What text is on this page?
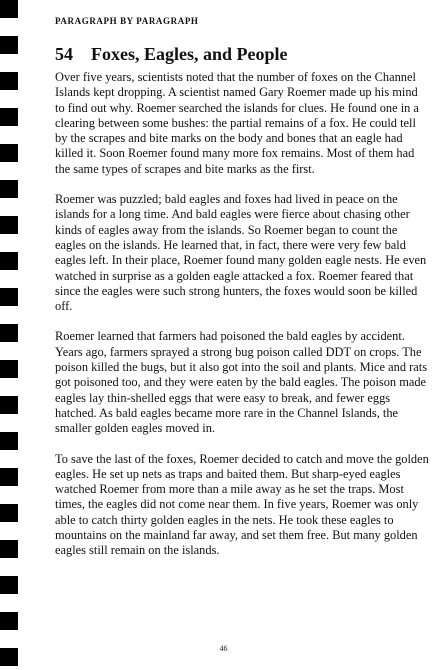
PARAGRAPH BY PARAGRAPH
54 Foxes, Eagles, and People

Over five years, scientists noted that the number of foxes on the Channel Islands kept dropping. A scientist named Gary Roemer made up his mind to find out why. Roemer searched the islands for clues. He found one in a clearing between some bushes: the partial remains of a fox. He could tell by the scrapes and bite marks on the body and bones that an eagle had killed it. Soon Roemer found many more fox remains. Most of them had the same types of scrapes and bite marks as the first.

Roemer was puzzled; bald eagles and foxes had lived in peace on the islands for a long time. And bald eagles were fierce about chasing other kinds of eagles away from the islands. So Roemer began to count the eagles on the islands. He learned that, in fact, there were very few bald eagles left. In their place, Roemer found many golden eagle nests. He even watched in surprise as a golden eagle attacked a fox. Roemer feared that since the eagles were such strong hunters, the foxes would soon be killed off.

Roemer learned that farmers had poisoned the bald eagles by accident. Years ago, farmers sprayed a strong bug poison called DDT on crops. The poison killed the bugs, but it also got into the soil and plants. Mice and rats got poisoned too, and they were eaten by the bald eagles. The poison made eagles lay thin-shelled eggs that were easy to break, and fewer eggs hatched. As bald eagles became more rare in the Channel Islands, the smaller golden eagles moved in.

To save the last of the foxes, Roemer decided to catch and move the golden eagles. He set up nets as traps and baited them. But sharp-eyed eagles watched Roemer from more than a mile away as he set the traps. Most times, the eagles did not come near them. In five years, Roemer was only able to catch thirty golden eagles in the nets. He took these eagles to mountains on the mainland far away, and set them free. But many golden eagles still remain on the islands.

46
